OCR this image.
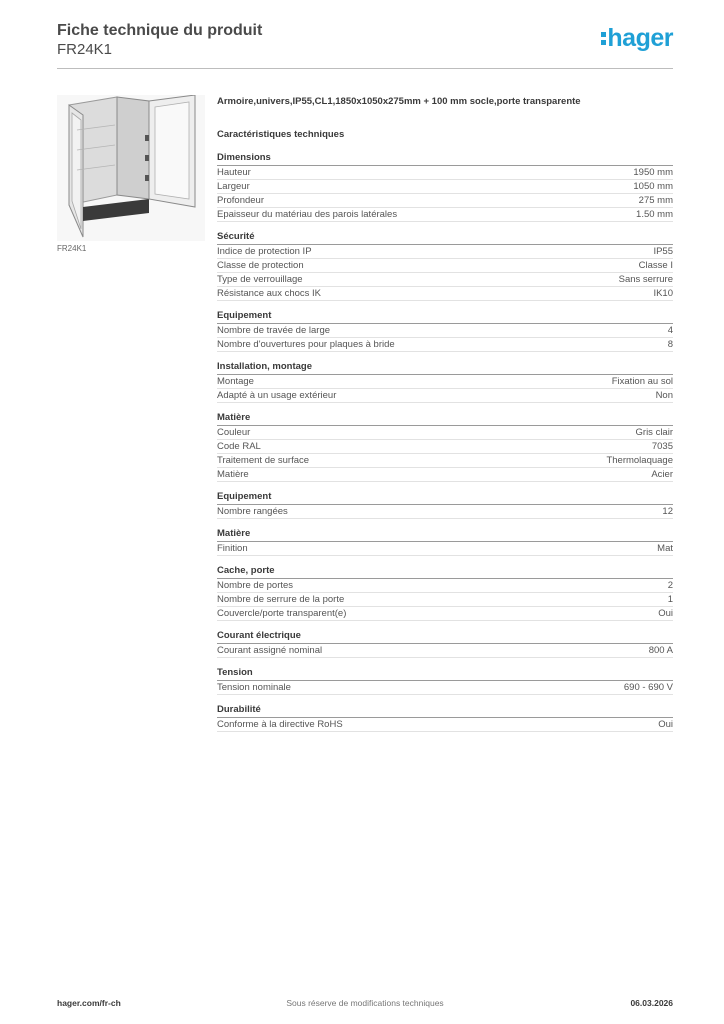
Fiche technique du produit
FR24K1	hager
FR24K1
Armoire,univers,IP55,CL1,1850x1050x275mm + 100 mm socle,porte transparente
Caractéristiques techniques
Dimensions
Hauteur	1950 mm
Largeur	1050 mm
Profondeur	275 mm
Epaisseur du matériau des parois latérales	1.50 mm
Sécurité
Indice de protection IP	IP55
Classe de protection	Classe I
Type de verrouillage	Sans serrure
Résistance aux chocs IK	IK10
Equipement
Nombre de travée de large	4
Nombre d'ouvertures pour plaques à bride	8
Installation, montage
Montage	Fixation au sol
Adapté à un usage extérieur	Non
Matière
Couleur	Gris clair
Code RAL	7035
Traitement de surface	Thermolaquage
Matière	Acier
Equipement
Nombre rangées	12
Matière
Finition	Mat
Cache, porte
Nombre de portes	2
Nombre de serrure de la porte	1
Couvercle/porte transparent(e)	Oui
Courant électrique
Courant assigné nominal	800 A
Tension
Tension nominale	690 - 690 V
Durabilité
Conforme à la directive RoHS	Oui
hager.com/fr-ch	Sous réserve de modifications techniques	06.03.2026
